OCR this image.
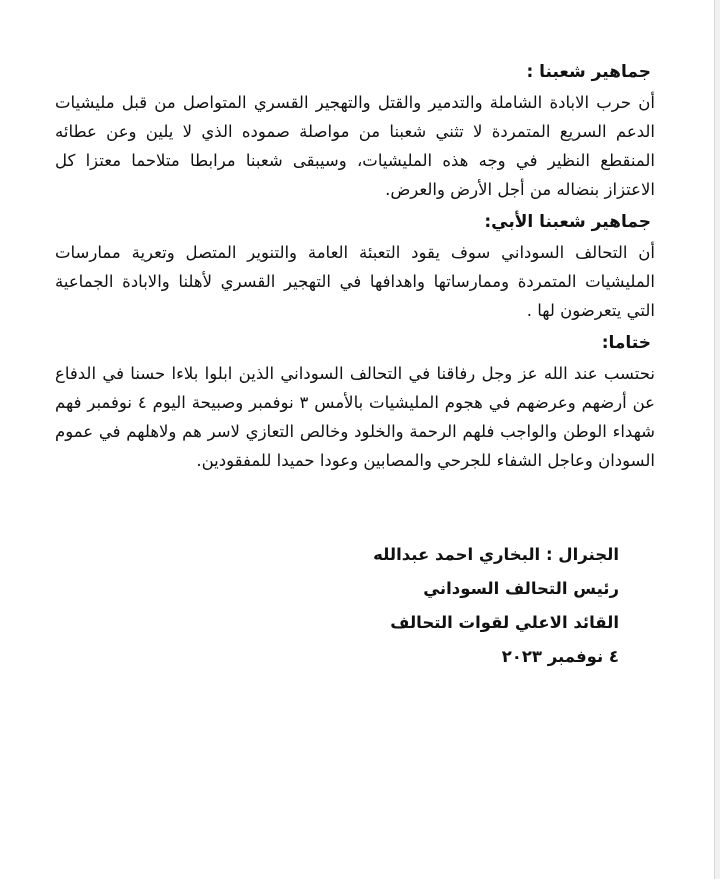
جماهير شعبنا :

أن حرب الابادة الشاملة والتدمير والقتل والتهجير القسري المتواصل من قبل مليشيات الدعم السريع المتمردة لا تثني شعبنا من مواصلة صموده الذي لا يلين وعن عطائه المنقطع النظير في وجه هذه المليشيات، وسيبقى شعبنا مرابطا متلاحما معتزا كل الاعتزاز بنضاله من أجل الأرض والعرض.

جماهير شعبنا الأبي:

أن التحالف السوداني سوف يقود التعبئة العامة والتنوير المتصل وتعرية ممارسات المليشيات المتمردة وممارساتها واهدافها في التهجير القسري لأهلنا والابادة الجماعية التي يتعرضون لها .

ختاما:

نحتسب عند الله عز وجل رفاقنا في التحالف السوداني الذين ابلوا بلاءا حسنا في الدفاع عن أرضهم وعرضهم في هجوم المليشيات بالأمس ٣ نوفمبر وصبيحة اليوم ٤ نوفمبر فهم شهداء الوطن والواجب فلهم الرحمة والخلود وخالص التعازي لاسر هم ولاهلهم في عموم السودان وعاجل الشفاء للجرحي والمصابين وعودا حميدا للمفقودين.

الجنرال : البخاري احمد عبدالله

رئيس التحالف السوداني

القائد الاعلي لقوات التحالف

٤ نوفمبر ٢٠٢٣
